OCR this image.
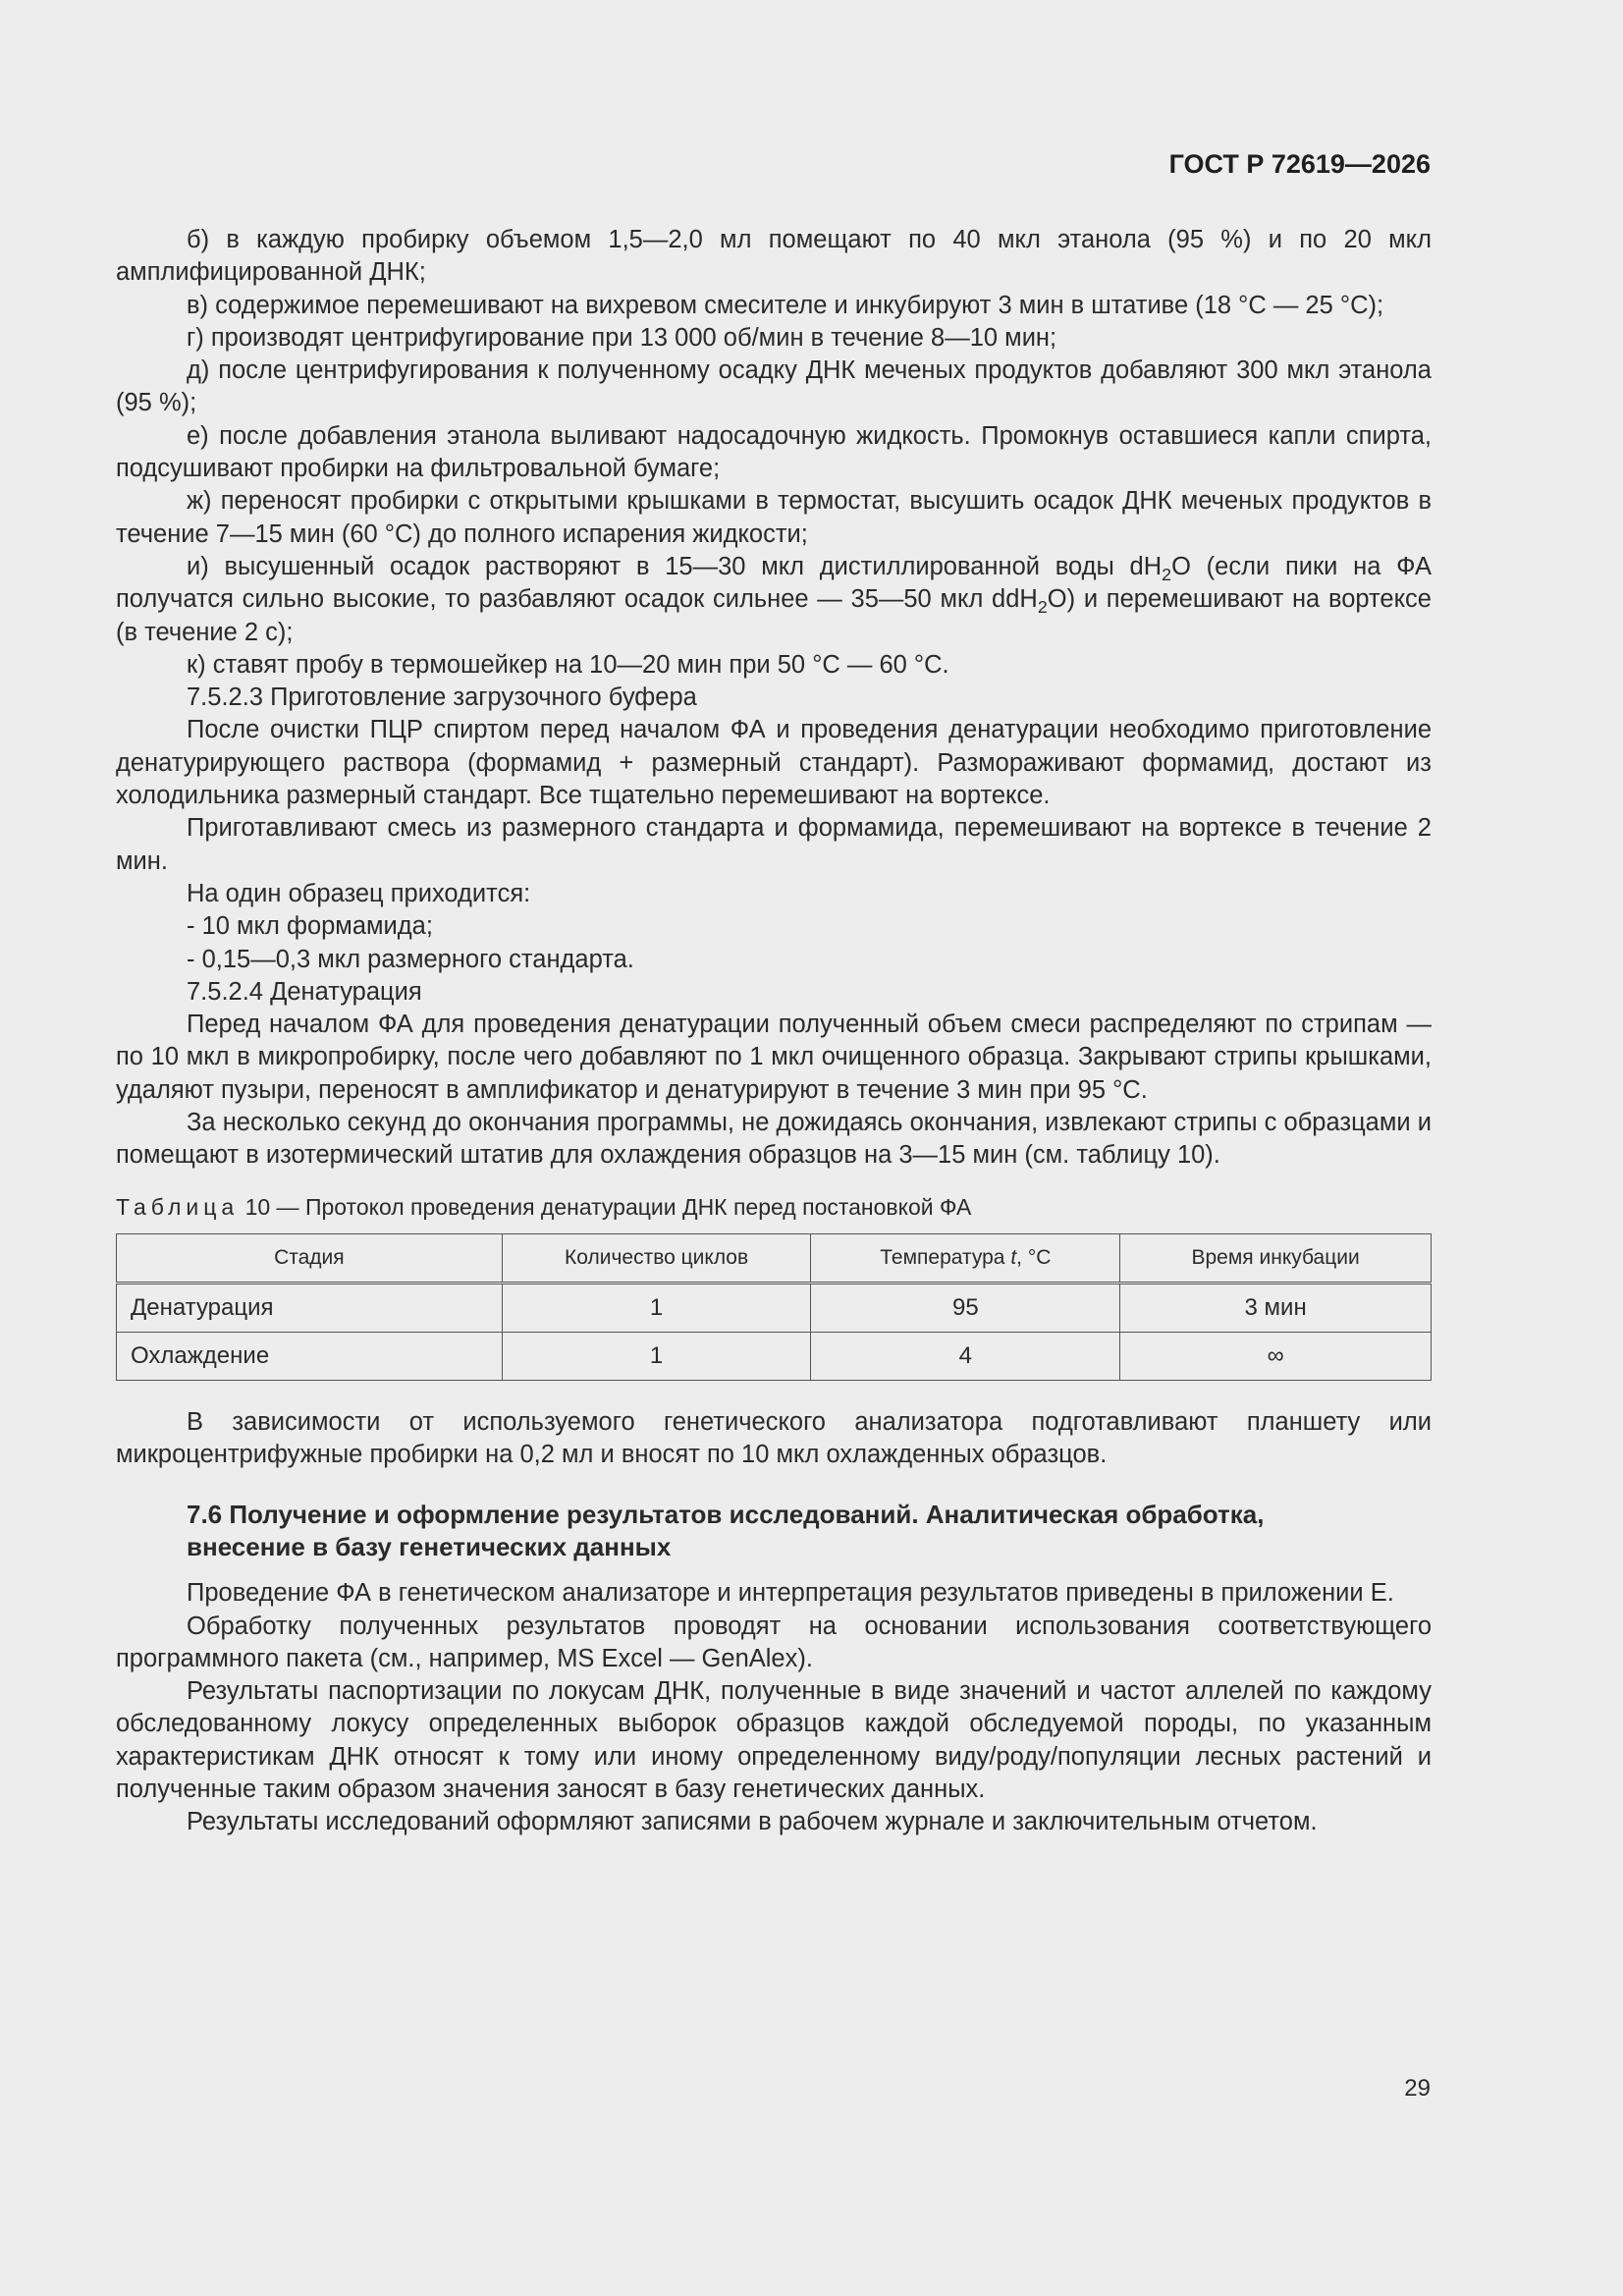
ГОСТ Р 72619—2026

б) в каждую пробирку объемом 1,5—2,0 мл помещают по 40 мкл этанола (95 %) и по 20 мкл амплифицированной ДНК;

в) содержимое перемешивают на вихревом смесителе и инкубируют 3 мин в штативе (18 °С — 25 °С);

г) производят центрифугирование при 13 000 об/мин в течение 8—10 мин;

д) после центрифугирования к полученному осадку ДНК меченых продуктов добавляют 300 мкл этанола (95 %);

е) после добавления этанола выливают надосадочную жидкость. Промокнув оставшиеся капли спирта, подсушивают пробирки на фильтровальной бумаге;

ж) переносят пробирки с открытыми крышками в термостат, высушить осадок ДНК меченых продуктов в течение 7—15 мин (60 °С) до полного испарения жидкости;

и) высушенный осадок растворяют в 15—30 мкл дистиллированной воды $dH_2O$ (если пики на ФА получатся сильно высокие, то разбавляют осадок сильнее — 35—50 мкл ddH$_2$O) и перемешивают на вортексе (в течение 2 с);

к) ставят пробу в термошейкер на 10—20 мин при 50 °С — 60 °С.

7.5.2.3 Приготовление загрузочного буфера

После очистки ПЦР спиртом перед началом ФА и проведения денатурации необходимо приготовление денатурирующего раствора (формамид + размерный стандарт). Размораживают формамид, достают из холодильника размерный стандарт. Все тщательно перемешивают на вортексе.

Приготавливают смесь из размерного стандарта и формамида, перемешивают на вортексе в течение 2 мин.

На один образец приходится:

- 10 мкл формамида;

- 0,15—0,3 мкл размерного стандарта.

7.5.2.4 Денатурация

Перед началом ФА для проведения денатурации полученный объем смеси распределяют по стрипам — по 10 мкл в микропробирку, после чего добавляют по 1 мкл очищенного образца. Закрывают стрипы крышками, удаляют пузыри, переносят в амплификатор и денатурируют в течение 3 мин при 95 °С.

За несколько секунд до окончания программы, не дожидаясь окончания, извлекают стрипы с образцами и помещают в изотермический штатив для охлаждения образцов на 3—15 мин (см. таблицу 10).

Таблица 10 — Протокол проведения денатурации ДНК перед постановкой ФА
Стадия	Количество циклов	Температура t, °С	Время инкубации
Денатурация	1	95	3 мин
Охлаждение	1	4	∞

В зависимости от используемого генетического анализатора подготавливают планшету или микроцентрифужные пробирки на 0,2 мл и вносят по 10 мкл охлажденных образцов.

7.6 Получение и оформление результатов исследований. Аналитическая обработка,
внесение в базу генетических данных

Проведение ФА в генетическом анализаторе и интерпретация результатов приведены в приложении Е.

Обработку полученных результатов проводят на основании использования соответствующего программного пакета (см., например, MS Excel — GenAlex).

Результаты паспортизации по локусам ДНК, полученные в виде значений и частот аллелей по каждому обследованному локусу определенных выборок образцов каждой обследуемой породы, по указанным характеристикам ДНК относят к тому или иному определенному виду/роду/популяции лесных растений и полученные таким образом значения заносят в базу генетических данных.

Результаты исследований оформляют записями в рабочем журнале и заключительным отчетом.

29
